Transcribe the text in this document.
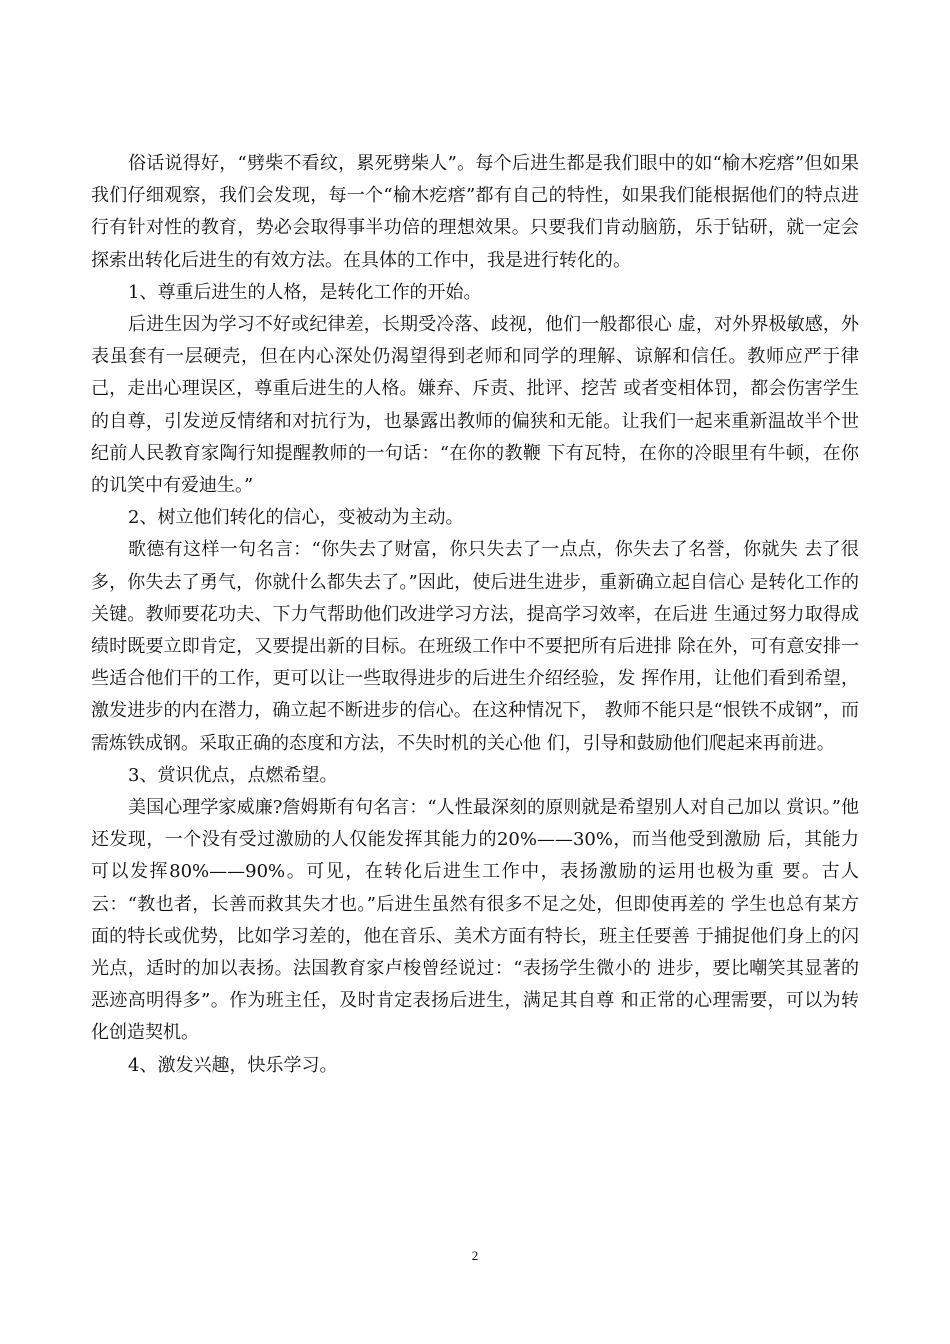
俗话说得好，“劈柴不看纹，累死劈柴人”。每个后进生都是我们眼中的如“榆木疙瘩”但如果我们仔细观察，我们会发现，每一个“榆木疙瘩”都有自己的特性，如果我们能根据他们的特点进行有针对性的教育，势必会取得事半功倍的理想效果。只要我们肯动脑筋，乐于钻研，就一定会探索出转化后进生的有效方法。在具体的工作中，我是进行转化的。

1、尊重后进生的人格，是转化工作的开始。

后进生因为学习不好或纪律差，长期受冷落、歧视，他们一般都很心 虚，对外界极敏感，外表虽套有一层硬壳，但在内心深处仍渴望得到老师和同学的理解、谅解和信任。教师应严于律己，走出心理误区，尊重后进生的人格。嫌弃、斥责、批评、挖苦 或者变相体罚，都会伤害学生的自尊，引发逆反情绪和对抗行为，也暴露出教师的偏狭和无能。让我们一起来重新温故半个世纪前人民教育家陶行知提醒教师的一句话：“在你的教鞭 下有瓦特，在你的冷眼里有牛顿，在你的讥笑中有爱迪生。”

2、树立他们转化的信心，变被动为主动。

歌德有这样一句名言：“你失去了财富，你只失去了一点点，你失去了名誉，你就失 去了很多，你失去了勇气，你就什么都失去了。”因此，使后进生进步，重新确立起自信心 是转化工作的关键。教师要花功夫、下力气帮助他们改进学习方法，提高学习效率，在后进 生通过努力取得成绩时既要立即肯定，又要提出新的目标。在班级工作中不要把所有后进排 除在外，可有意安排一些适合他们干的工作，更可以让一些取得进步的后进生介绍经验，发 挥作用，让他们看到希望，激发进步的内在潜力，确立起不断进步的信心。在这种情况下， 教师不能只是“恨铁不成钢”，而需炼铁成钢。采取正确的态度和方法，不失时机的关心他 们，引导和鼓励他们爬起来再前进。

3、赏识优点，点燃希望。

美国心理学家威廉?詹姆斯有句名言：“人性最深刻的原则就是希望别人对自己加以 赏识。”他还发现，一个没有受过激励的人仅能发挥其能力的20%——30%，而当他受到激励 后，其能力可以发挥80%——90%。可见，在转化后进生工作中，表扬激励的运用也极为重 要。古人云：“教也者，长善而救其失才也。”后进生虽然有很多不足之处，但即使再差的 学生也总有某方面的特长或优势，比如学习差的，他在音乐、美术方面有特长，班主任要善 于捕捉他们身上的闪光点，适时的加以表扬。法国教育家卢梭曾经说过：“表扬学生微小的 进步，要比嘲笑其显著的恶迹高明得多”。作为班主任，及时肯定表扬后进生，满足其自尊 和正常的心理需要，可以为转化创造契机。

4、激发兴趣，快乐学习。

2
